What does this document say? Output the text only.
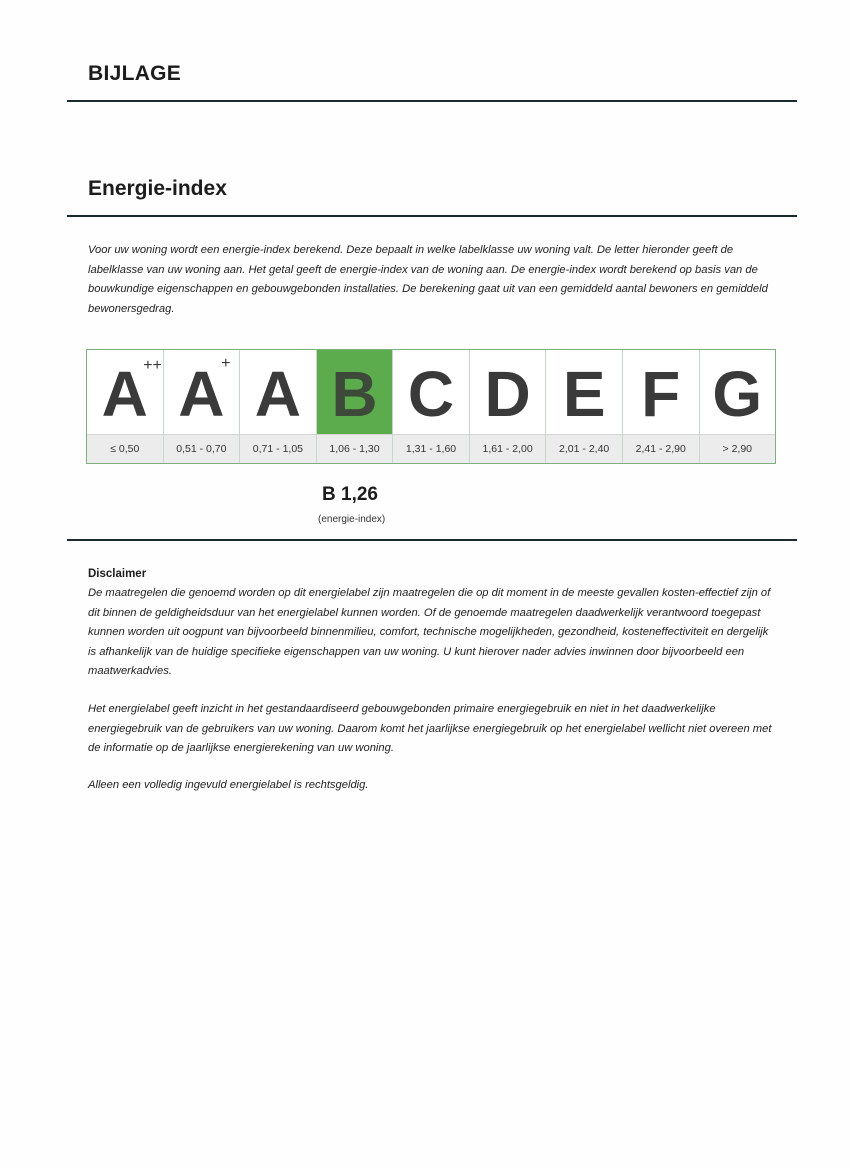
BIJLAGE
Energie-index
Voor uw woning wordt een energie-index berekend. Deze bepaalt in welke labelklasse uw woning valt. De letter hieronder geeft de labelklasse van uw woning aan. Het getal geeft de energie-index van de woning aan. De energie-index wordt berekend op basis van de bouwkundige eigenschappen en gebouwgebonden installaties. De berekening gaat uit van een gemiddeld aantal bewoners en gemiddeld bewonersgedrag.
A
++
≤ 0,50
A
+
0,51 - 0,70
A
0,71 - 1,05
B
1,06 - 1,30
C
1,31 - 1,60
D
1,61 - 2,00
E
2,01 - 2,40
F
2,41 - 2,90
G
> 2,90
B 1,26
(energie-index)
Disclaimer
De maatregelen die genoemd worden op dit energielabel zijn maatregelen die op dit moment in de meeste gevallen kosten-effectief zijn of dit binnen de geldigheidsduur van het energielabel kunnen worden. Of de genoemde maatregelen daadwerkelijk verantwoord toegepast kunnen worden uit oogpunt van bijvoorbeeld binnenmilieu, comfort, technische mogelijkheden, gezondheid, kosteneffectiviteit en dergelijk is afhankelijk van de huidige specifieke eigenschappen van uw woning. U kunt hierover nader advies inwinnen door bijvoorbeeld een maatwerkadvies.
Het energielabel geeft inzicht in het gestandaardiseerd gebouwgebonden primaire energiegebruik en niet in het daadwerkelijke energiegebruik van de gebruikers van uw woning. Daarom komt het jaarlijkse energiegebruik op het energielabel wellicht niet overeen met de informatie op de jaarlijkse energierekening van uw woning.
Alleen een volledig ingevuld energielabel is rechtsgeldig.
